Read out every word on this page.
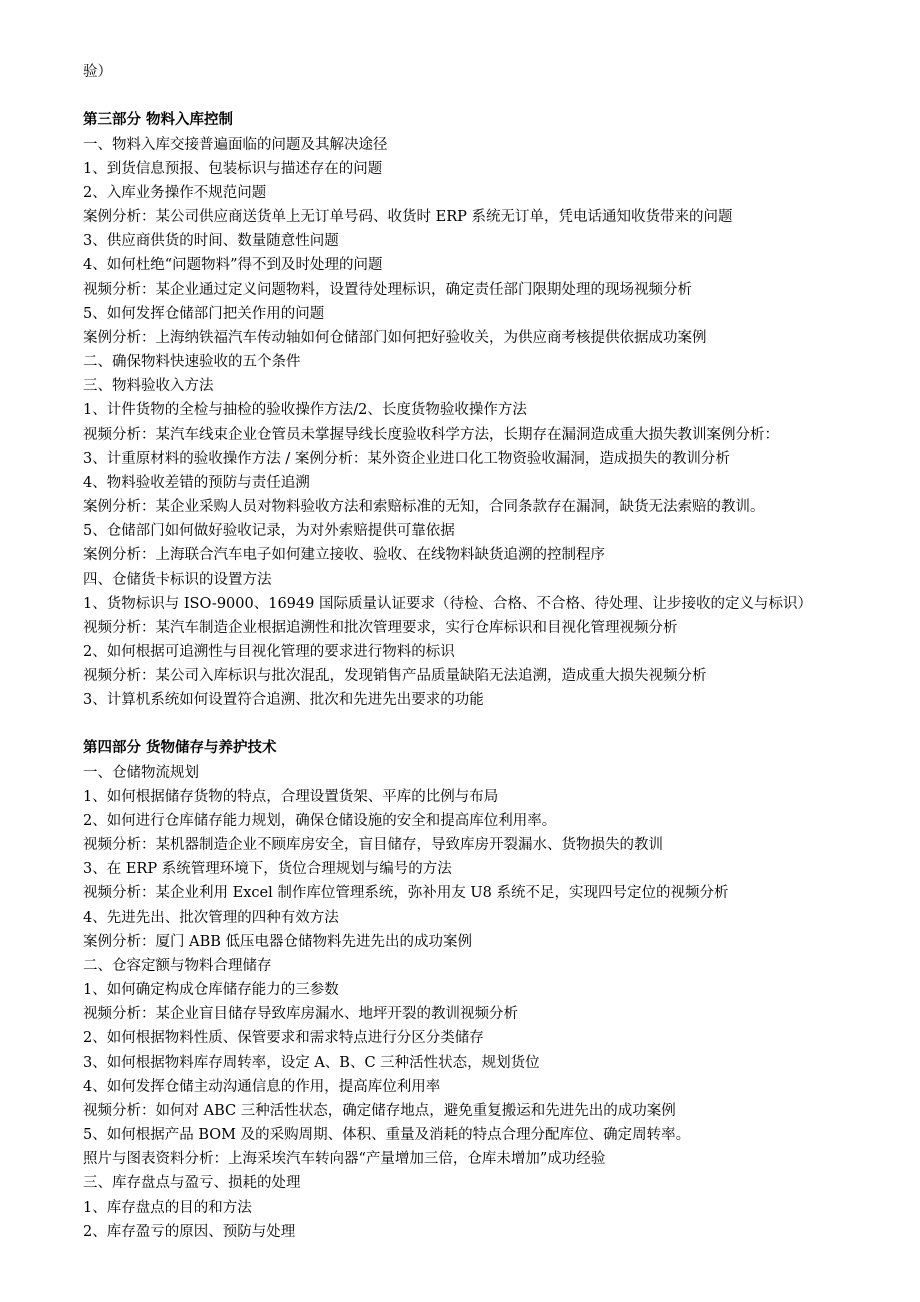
验）
第三部分 物料入库控制
一、物料入库交接普遍面临的问题及其解决途径
1、到货信息预报、包装标识与描述存在的问题
2、入库业务操作不规范问题
案例分析：某公司供应商送货单上无订单号码、收货时 ERP 系统无订单，凭电话通知收货带来的问题
3、供应商供货的时间、数量随意性问题
4、如何杜绝“问题物料”得不到及时处理的问题
视频分析：某企业通过定义问题物料，设置待处理标识，确定责任部门限期处理的现场视频分析
5、如何发挥仓储部门把关作用的问题
案例分析：上海纳铁福汽车传动轴如何仓储部门如何把好验收关，为供应商考核提供依据成功案例
二、确保物料快速验收的五个条件
三、物料验收入方法
1、计件货物的全检与抽检的验收操作方法/2、长度货物验收操作方法
视频分析：某汽车线束企业仓管员未掌握导线长度验收科学方法，长期存在漏洞造成重大损失教训案例分析：
3、计重原材料的验收操作方法 / 案例分析：某外资企业进口化工物资验收漏洞，造成损失的教训分析
4、物料验收差错的预防与责任追溯
案例分析：某企业采购人员对物料验收方法和索赔标准的无知，合同条款存在漏洞，缺货无法索赔的教训。
5、仓储部门如何做好验收记录，为对外索赔提供可靠依据
案例分析：上海联合汽车电子如何建立接收、验收、在线物料缺货追溯的控制程序
四、仓储货卡标识的设置方法
1、货物标识与 ISO-9000、16949 国际质量认证要求（待检、合格、不合格、待处理、让步接收的定义与标识）
视频分析：某汽车制造企业根据追溯性和批次管理要求，实行仓库标识和目视化管理视频分析
2、如何根据可追溯性与目视化管理的要求进行物料的标识
视频分析：某公司入库标识与批次混乱，发现销售产品质量缺陷无法追溯，造成重大损失视频分析
3、计算机系统如何设置符合追溯、批次和先进先出要求的功能
第四部分 货物储存与养护技术
一、仓储物流规划
1、如何根据储存货物的特点，合理设置货架、平库的比例与布局
2、如何进行仓库储存能力规划，确保仓储设施的安全和提高库位利用率。
视频分析：某机器制造企业不顾库房安全，盲目储存，导致库房开裂漏水、货物损失的教训
3、在 ERP 系统管理环境下，货位合理规划与编号的方法
视频分析：某企业利用 Excel 制作库位管理系统，弥补用友 U8 系统不足，实现四号定位的视频分析
4、先进先出、批次管理的四种有效方法
案例分析：厦门 ABB 低压电器仓储物料先进先出的成功案例
二、仓容定额与物料合理储存
1、如何确定构成仓库储存能力的三参数
视频分析：某企业盲目储存导致库房漏水、地坪开裂的教训视频分析
2、如何根据物料性质、保管要求和需求特点进行分区分类储存
3、如何根据物料库存周转率，设定 A、B、C 三种活性状态，规划货位
4、如何发挥仓储主动沟通信息的作用，提高库位利用率
视频分析：如何对 ABC 三种活性状态，确定储存地点，避免重复搬运和先进先出的成功案例
5、如何根据产品 BOM 及的采购周期、体积、重量及消耗的特点合理分配库位、确定周转率。
照片与图表资料分析：上海采埃汽车转向器“产量增加三倍，仓库未增加”成功经验
三、库存盘点与盈亏、损耗的处理
1、库存盘点的目的和方法
2、库存盈亏的原因、预防与处理
